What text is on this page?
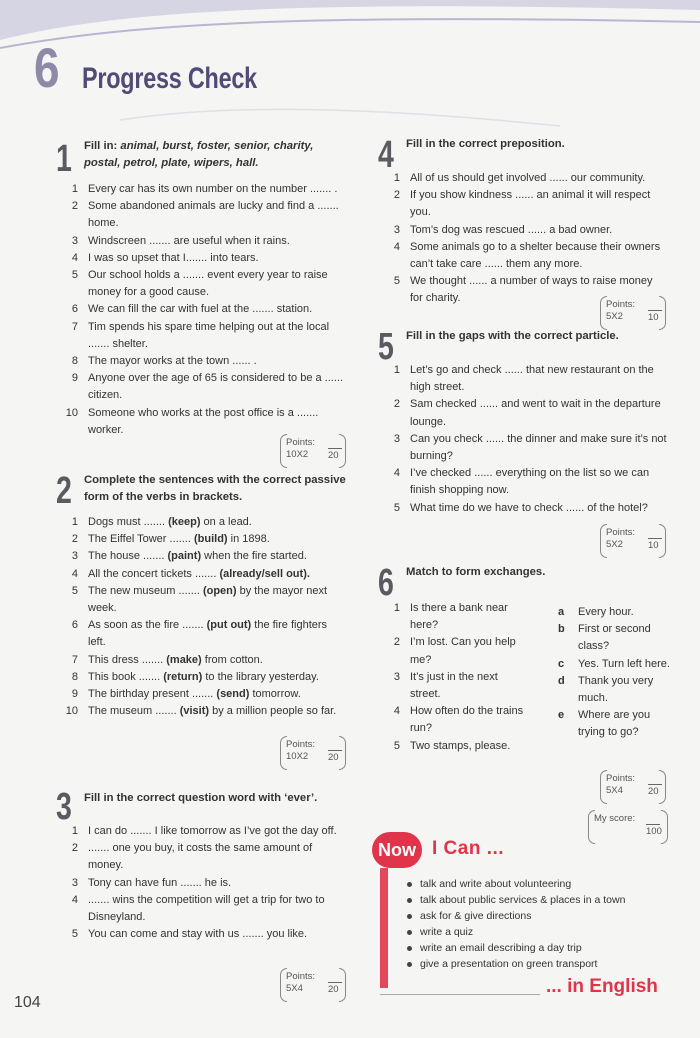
6 Progress Check
1 Fill in: animal, burst, foster, senior, charity, postal, petrol, plate, wipers, hall.
1 Every car has its own number on the number ....... .
2 Some abandoned animals are lucky and find a ....... home.
3 Windscreen ....... are useful when it rains.
4 I was so upset that I....... into tears.
5 Our school holds a ....... event every year to raise money for a good cause.
6 We can fill the car with fuel at the ....... station.
7 Tim spends his spare time helping out at the local ....... shelter.
8 The mayor works at the town ...... .
9 Anyone over the age of 65 is considered to be a ...... citizen.
10 Someone who works at the post office is a ....... worker.
Points:
10X2 20
2 Complete the sentences with the correct passive form of the verbs in brackets.
1 Dogs must ....... (keep) on a lead.
2 The Eiffel Tower ....... (build) in 1898.
3 The house ....... (paint) when the fire started.
4 All the concert tickets ....... (already/sell out).
5 The new museum ....... (open) by the mayor next week.
6 As soon as the fire ....... (put out) the fire fighters left.
7 This dress ....... (make) from cotton.
8 This book ....... (return) to the library yesterday.
9 The birthday present ....... (send) tomorrow.
10 The museum ....... (visit) by a million people so far.
Points:
10X2 20
3 Fill in the correct question word with ‘ever’.
1 I can do ....... I like tomorrow as I’ve got the day off.
2 ....... one you buy, it costs the same amount of money.
3 Tony can have fun ....... he is.
4 ....... wins the competition will get a trip for two to Disneyland.
5 You can come and stay with us ....... you like.
Points:
5X4	20
4 Fill in the correct preposition.
1 All of us should get involved ...... our community.
2 If you show kindness ...... an animal it will respect you.
3 Tom’s dog was rescued ...... a bad owner.
4 Some animals go to a shelter because their owners can’t take care ...... them any more.
5 We thought ...... a number of ways to raise money for charity.
Points:
5X2	10
5 Fill in the gaps with the correct particle.
1 Let’s go and check ...... that new restaurant on the high street.
2 Sam checked ...... and went to wait in the departure lounge.
3 Can you check ...... the dinner and make sure it’s not burning?
4 I’ve checked ...... everything on the list so we can finish shopping now.
5 What time do we have to check ...... of the hotel?
Points:
5X2	10
6 Match to form exchanges.
1 Is there a bank near here?
2 I’m lost. Can you help me?
3 It’s just in the next street.
4 How often do the trains run?
5 Two stamps, please.
a Every hour.
b First or second class?
c Yes. Turn left here.
d Thank you very much.
e Where are you trying to go?
Points:
5X4	20
My score:
100
Now I Can ...
talk and write about volunteering
talk about public services & places in a town
ask for & give directions
write a quiz
write an email describing a day trip
give a presentation on green transport
... in English
104
